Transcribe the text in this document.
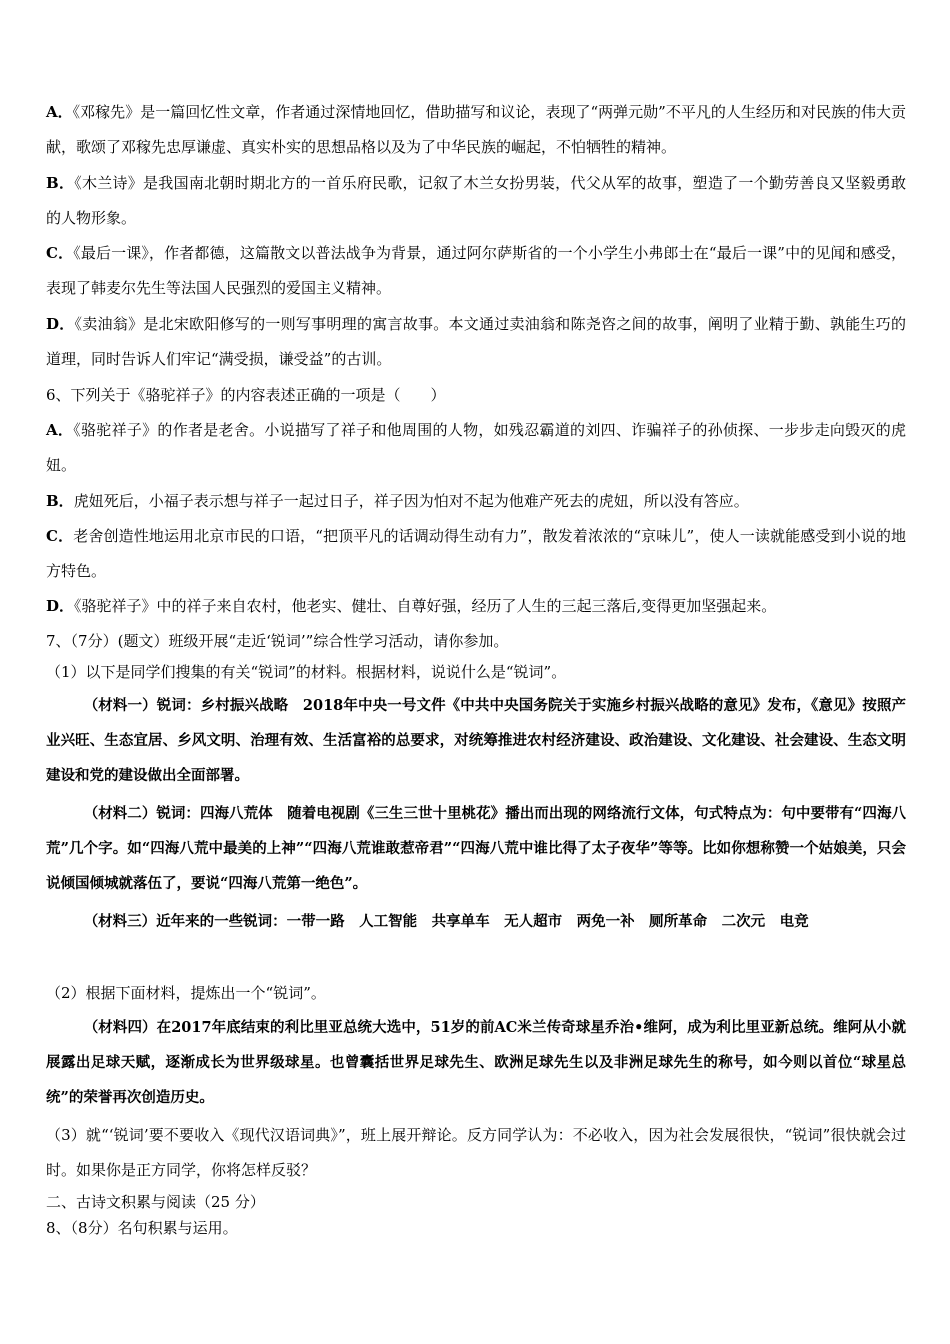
A．《邓稼先》是一篇回忆性文章，作者通过深情地回忆，借助描写和议论，表现了“两弹元勋”不平凡的人生经历和对民族的伟大贡献，歌颂了邓稼先忠厚谦虚、真实朴实的思想品格以及为了中华民族的崛起，不怕牺牲的精神。

B．《木兰诗》是我国南北朝时期北方的一首乐府民歌，记叙了木兰女扮男装，代父从军的故事，塑造了一个勤劳善良又坚毅勇敢的人物形象。

C．《最后一课》，作者都德，这篇散文以普法战争为背景，通过阿尔萨斯省的一个小学生小弗郎士在“最后一课”中的见闻和感受，表现了韩麦尔先生等法国人民强烈的爱国主义精神。

D．《卖油翁》是北宋欧阳修写的一则写事明理的寓言故事。本文通过卖油翁和陈尧咨之间的故事，阐明了业精于勤、孰能生巧的道理，同时告诉人们牢记“满受损，谦受益”的古训。

6、下列关于《骆驼祥子》的内容表述正确的一项是（　　）

A．《骆驼祥子》的作者是老舍。小说描写了祥子和他周围的人物，如残忍霸道的刘四、诈骗祥子的孙侦探、一步步走向毁灭的虎妞。

B．虎妞死后，小福子表示想与祥子一起过日子，祥子因为怕对不起为他难产死去的虎妞，所以没有答应。

C．老舍创造性地运用北京市民的口语，“把顶平凡的话调动得生动有力”，散发着浓浓的“京味儿”，使人一读就能感受到小说的地方特色。

D．《骆驼祥子》中的祥子来自农村，他老实、健壮、自尊好强，经历了人生的三起三落后,变得更加坚强起来。

7、（7分）(题文）班级开展“走近‘锐词’”综合性学习活动，请你参加。

（1）以下是同学们搜集的有关“锐词”的材料。根据材料，说说什么是“锐词”。

（材料一）锐词：乡村振兴战略　2018年中央一号文件《中共中央国务院关于实施乡村振兴战略的意见》发布，《意见》按照产业兴旺、生态宜居、乡风文明、治理有效、生活富裕的总要求，对统筹推进农村经济建设、政治建设、文化建设、社会建设、生态文明建设和党的建设做出全面部署。

（材料二）锐词：四海八荒体　随着电视剧《三生三世十里桃花》播出而出现的网络流行文体，句式特点为：句中要带有“四海八荒”几个字。如“四海八荒中最美的上神”“四海八荒谁敢惹帝君”“四海八荒中谁比得了太子夜华”等等。比如你想称赞一个姑娘美，只会说倾国倾城就落伍了，要说“四海八荒第一绝色”。

（材料三）近年来的一些锐词：一带一路　人工智能　共享单车　无人超市　两免一补　厕所革命　二次元　电竞

（2）根据下面材料，提炼出一个“锐词”。

（材料四）在2017年底结束的利比里亚总统大选中，51岁的前AC米兰传奇球星乔治•维阿，成为利比里亚新总统。维阿从小就展露出足球天赋，逐渐成长为世界级球星。也曾囊括世界足球先生、欧洲足球先生以及非洲足球先生的称号，如今则以首位“球星总统”的荣誉再次创造历史。

（3）就“‘锐词’要不要收入《现代汉语词典》”，班上展开辩论。反方同学认为：不必收入，因为社会发展很快，“锐词”很快就会过时。如果你是正方同学，你将怎样反驳？

二、古诗文积累与阅读（25 分）

8、（8分）名句积累与运用。
